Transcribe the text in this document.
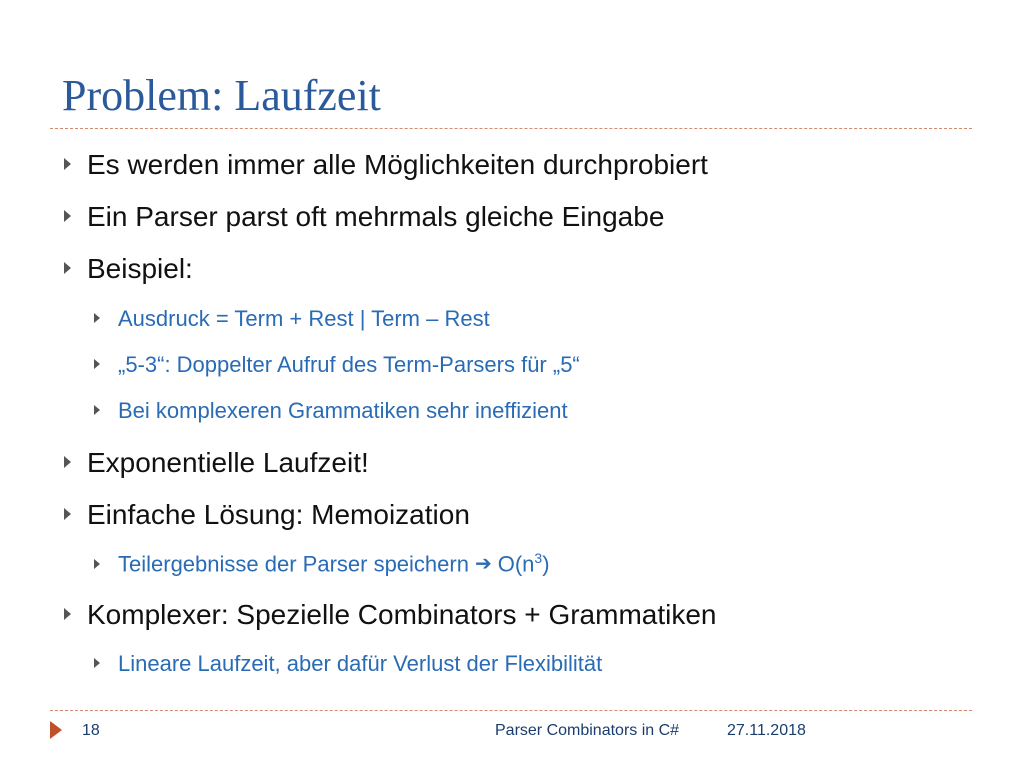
Problem: Laufzeit
Es werden immer alle Möglichkeiten durchprobiert
Ein Parser parst oft mehrmals gleiche Eingabe
Beispiel:
Ausdruck = Term + Rest | Term – Rest
„5-3“: Doppelter Aufruf des Term-Parsers für „5“
Bei komplexeren Grammatiken sehr ineffizient
Exponentielle Laufzeit!
Einfache Lösung: Memoization
Teilergebnisse der Parser speichern ➔ $O(n^3)$
Komplexer: Spezielle Combinators + Grammatiken
Lineare Laufzeit, aber dafür Verlust der Flexibilität
18	Parser Combinators in C#	27.11.2018
